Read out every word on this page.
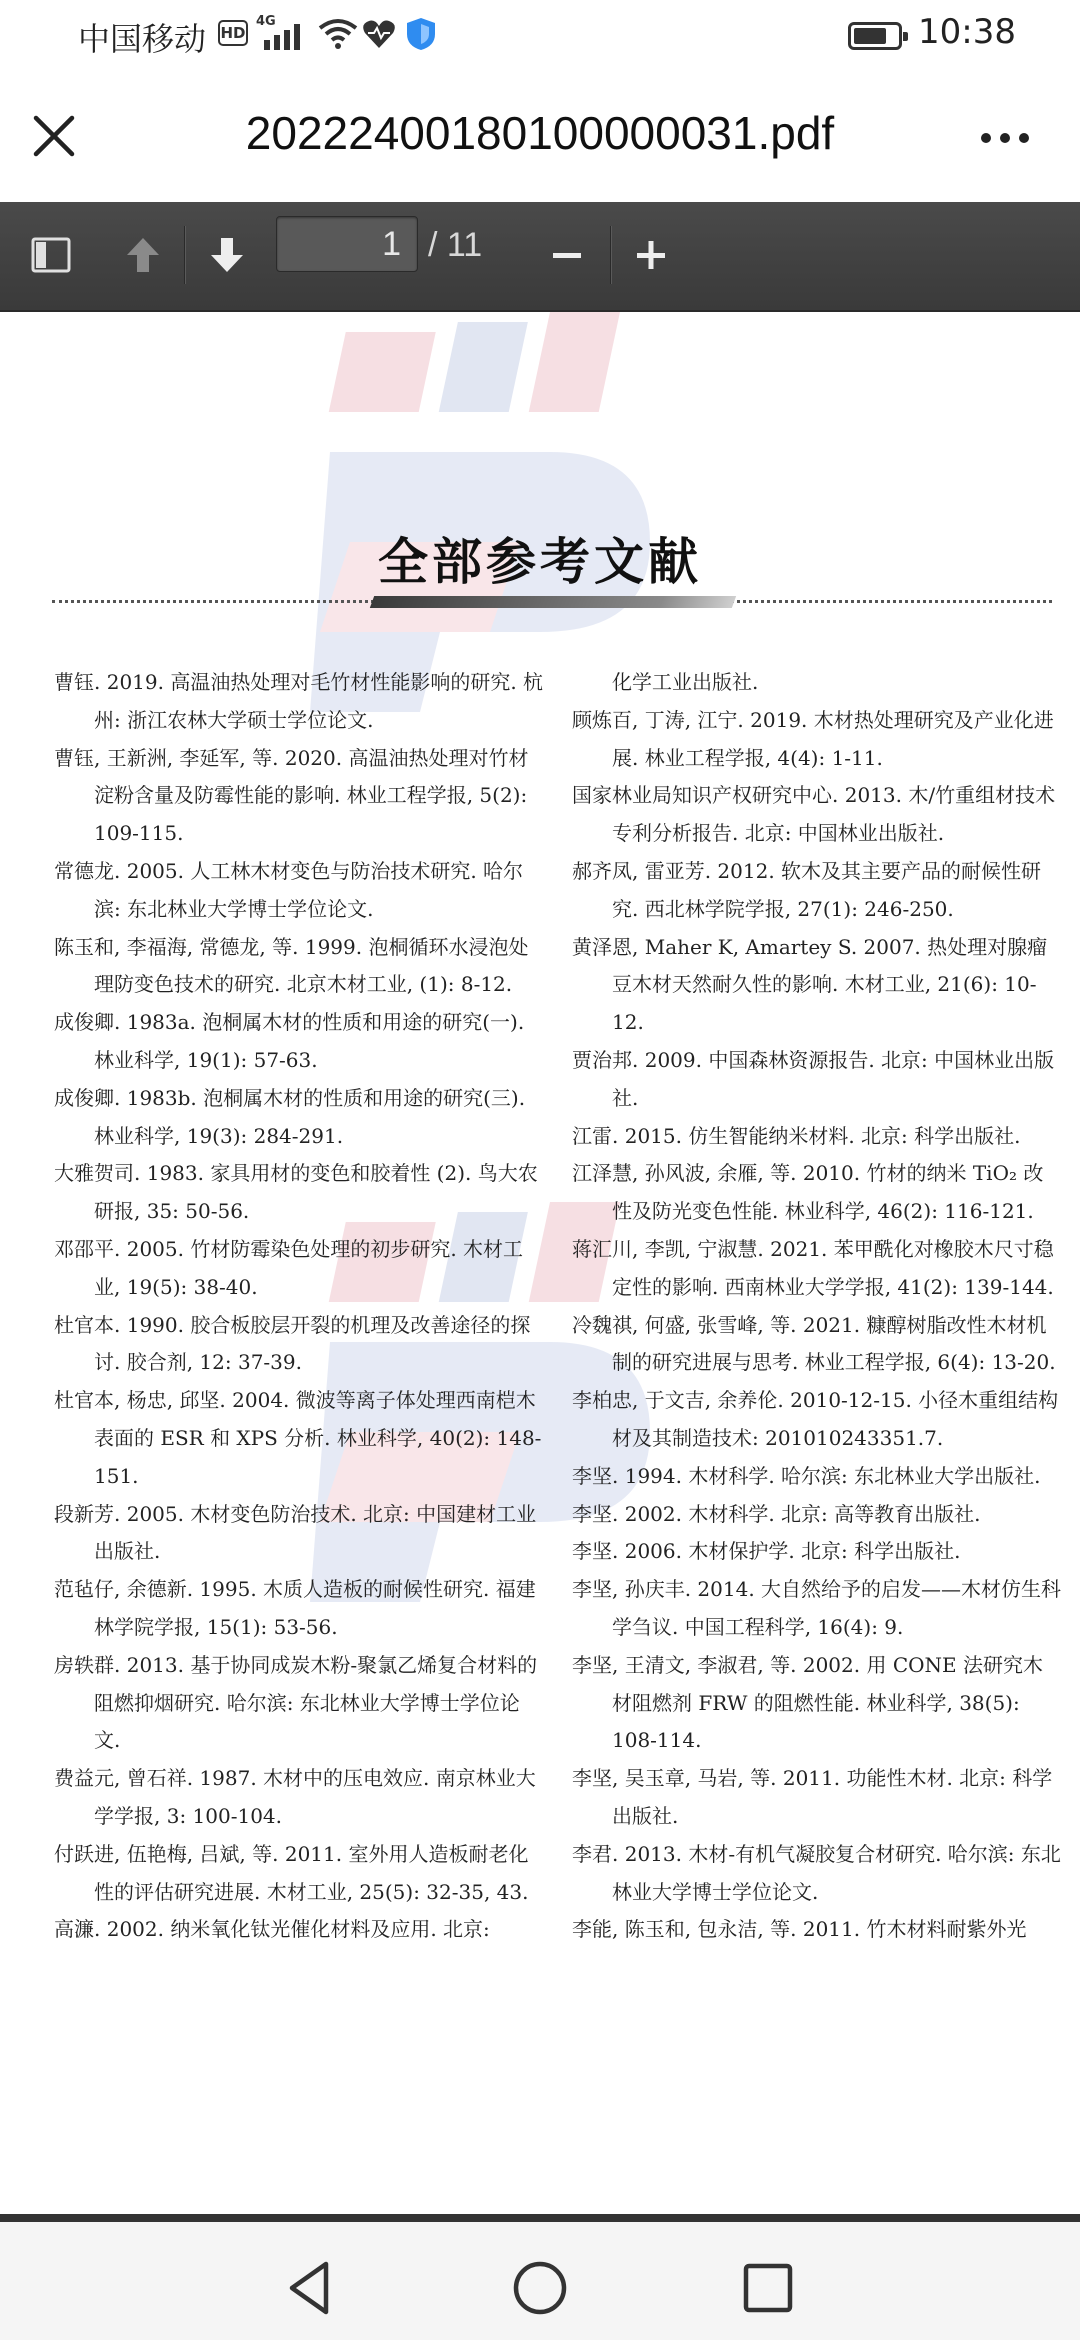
中国移动 HD
4G	10:38
20222400180100000031.pdf
1 / 11
全部参考文献
曹钰. 2019. 高温油热处理对毛竹材性能影响的研究. 杭州: 浙江农林大学硕士学位论文.
曹钰, 王新洲, 李延军, 等. 2020. 高温油热处理对竹材淀粉含量及防霉性能的影响. 林业工程学报, 5(2): 109-115.
常德龙. 2005. 人工林木材变色与防治技术研究. 哈尔滨: 东北林业大学博士学位论文.
陈玉和, 李福海, 常德龙, 等. 1999. 泡桐循环水浸泡处理防变色技术的研究. 北京木材工业, (1): 8-12.
成俊卿. 1983a. 泡桐属木材的性质和用途的研究(一). 林业科学, 19(1): 57-63.
成俊卿. 1983b. 泡桐属木材的性质和用途的研究(三). 林业科学, 19(3): 284-291.
大雅贺司. 1983. 家具用材的变色和胶着性 (2). 鸟大农研报, 35: 50-56.
邓邵平. 2005. 竹材防霉染色处理的初步研究. 木材工业, 19(5): 38-40.
杜官本. 1990. 胶合板胶层开裂的机理及改善途径的探讨. 胶合剂, 12: 37-39.
杜官本, 杨忠, 邱坚. 2004. 微波等离子体处理西南桤木表面的 ESR 和 XPS 分析. 林业科学, 40(2): 148-151.
段新芳. 2005. 木材变色防治技术. 北京: 中国建材工业出版社.
范毡仔, 余德新. 1995. 木质人造板的耐候性研究. 福建林学院学报, 15(1): 53-56.
房轶群. 2013. 基于协同成炭木粉-聚氯乙烯复合材料的阻燃抑烟研究. 哈尔滨: 东北林业大学博士学位论文.
费益元, 曾石祥. 1987. 木材中的压电效应. 南京林业大学学报, 3: 100-104.
付跃进, 伍艳梅, 吕斌, 等. 2011. 室外用人造板耐老化性的评估研究进展. 木材工业, 25(5): 32-35, 43.
高濂. 2002. 纳米氧化钛光催化材料及应用. 北京:
化学工业出版社.
顾炼百, 丁涛, 江宁. 2019. 木材热处理研究及产业化进展. 林业工程学报, 4(4): 1-11.
国家林业局知识产权研究中心. 2013. 木/竹重组材技术专利分析报告. 北京: 中国林业出版社.
郝齐凤, 雷亚芳. 2012. 软木及其主要产品的耐候性研究. 西北林学院学报, 27(1): 246-250.
黄泽恩, Maher K, Amartey S. 2007. 热处理对腺瘤豆木材天然耐久性的影响. 木材工业, 21(6): 10-12.
贾治邦. 2009. 中国森林资源报告. 北京: 中国林业出版社.
江雷. 2015. 仿生智能纳米材料. 北京: 科学出版社.
江泽慧, 孙风波, 余雁, 等. 2010. 竹材的纳米 TiO₂ 改性及防光变色性能. 林业科学, 46(2): 116-121.
蒋汇川, 李凯, 宁淑慧. 2021. 苯甲酰化对橡胶木尺寸稳定性的影响. 西南林业大学学报, 41(2): 139-144.
冷魏祺, 何盛, 张雪峰, 等. 2021. 糠醇树脂改性木材机制的研究进展与思考. 林业工程学报, 6(4): 13-20.
李柏忠, 于文吉, 余养伦. 2010-12-15. 小径木重组结构材及其制造技术: 201010243351.7.
李坚. 1994. 木材科学. 哈尔滨: 东北林业大学出版社.
李坚. 2002. 木材科学. 北京: 高等教育出版社.
李坚. 2006. 木材保护学. 北京: 科学出版社.
李坚, 孙庆丰. 2014. 大自然给予的启发——木材仿生科学刍议. 中国工程科学, 16(4): 9.
李坚, 王清文, 李淑君, 等. 2002. 用 CONE 法研究木材阻燃剂 FRW 的阻燃性能. 林业科学, 38(5): 108-114.
李坚, 吴玉章, 马岩, 等. 2011. 功能性木材. 北京: 科学出版社.
李君. 2013. 木材-有机气凝胶复合材研究. 哈尔滨: 东北林业大学博士学位论文.
李能, 陈玉和, 包永洁, 等. 2011. 竹木材料耐紫外光
